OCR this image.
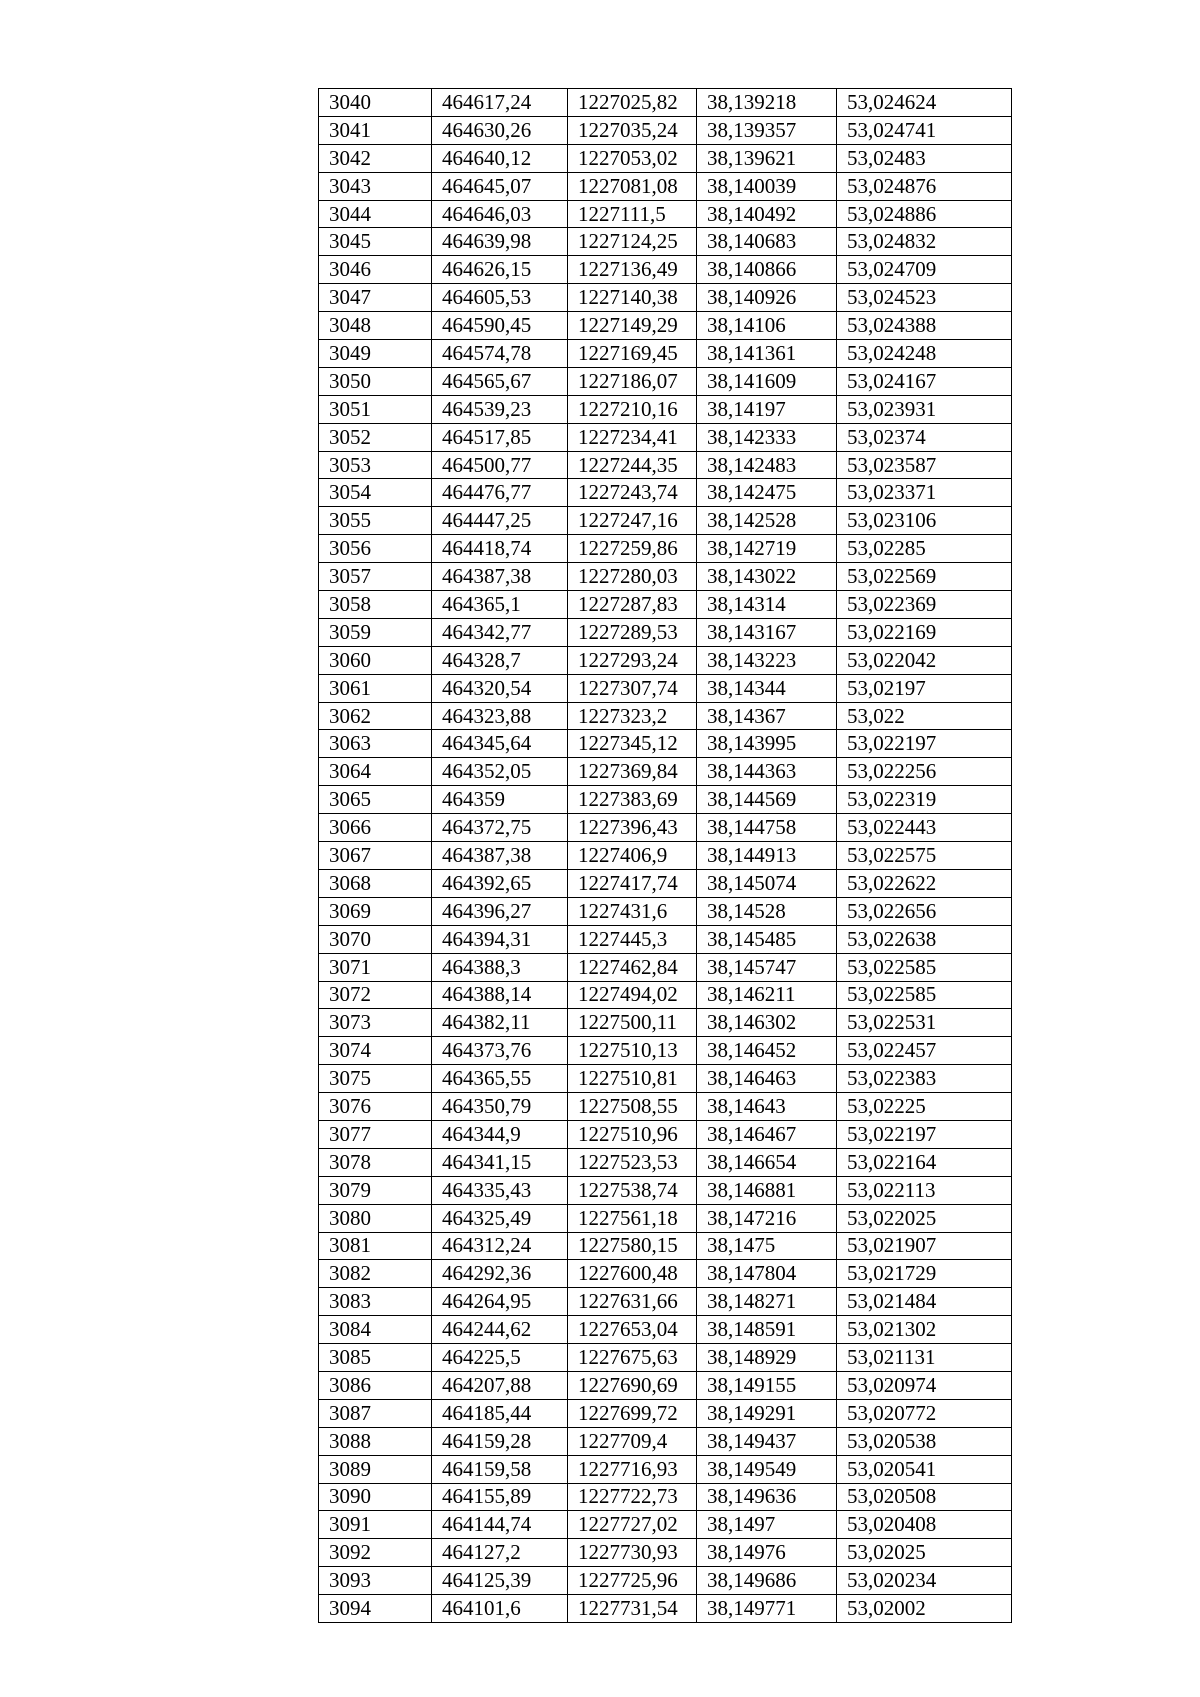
3040	464617,24	1227025,82	38,139218	53,024624
3041	464630,26	1227035,24	38,139357	53,024741
3042	464640,12	1227053,02	38,139621	53,02483
3043	464645,07	1227081,08	38,140039	53,024876
3044	464646,03	1227111,5	38,140492	53,024886
3045	464639,98	1227124,25	38,140683	53,024832
3046	464626,15	1227136,49	38,140866	53,024709
3047	464605,53	1227140,38	38,140926	53,024523
3048	464590,45	1227149,29	38,14106	53,024388
3049	464574,78	1227169,45	38,141361	53,024248
3050	464565,67	1227186,07	38,141609	53,024167
3051	464539,23	1227210,16	38,14197	53,023931
3052	464517,85	1227234,41	38,142333	53,02374
3053	464500,77	1227244,35	38,142483	53,023587
3054	464476,77	1227243,74	38,142475	53,023371
3055	464447,25	1227247,16	38,142528	53,023106
3056	464418,74	1227259,86	38,142719	53,02285
3057	464387,38	1227280,03	38,143022	53,022569
3058	464365,1	1227287,83	38,14314	53,022369
3059	464342,77	1227289,53	38,143167	53,022169
3060	464328,7	1227293,24	38,143223	53,022042
3061	464320,54	1227307,74	38,14344	53,02197
3062	464323,88	1227323,2	38,14367	53,022
3063	464345,64	1227345,12	38,143995	53,022197
3064	464352,05	1227369,84	38,144363	53,022256
3065	464359	1227383,69	38,144569	53,022319
3066	464372,75	1227396,43	38,144758	53,022443
3067	464387,38	1227406,9	38,144913	53,022575
3068	464392,65	1227417,74	38,145074	53,022622
3069	464396,27	1227431,6	38,14528	53,022656
3070	464394,31	1227445,3	38,145485	53,022638
3071	464388,3	1227462,84	38,145747	53,022585
3072	464388,14	1227494,02	38,146211	53,022585
3073	464382,11	1227500,11	38,146302	53,022531
3074	464373,76	1227510,13	38,146452	53,022457
3075	464365,55	1227510,81	38,146463	53,022383
3076	464350,79	1227508,55	38,14643	53,02225
3077	464344,9	1227510,96	38,146467	53,022197
3078	464341,15	1227523,53	38,146654	53,022164
3079	464335,43	1227538,74	38,146881	53,022113
3080	464325,49	1227561,18	38,147216	53,022025
3081	464312,24	1227580,15	38,1475	53,021907
3082	464292,36	1227600,48	38,147804	53,021729
3083	464264,95	1227631,66	38,148271	53,021484
3084	464244,62	1227653,04	38,148591	53,021302
3085	464225,5	1227675,63	38,148929	53,021131
3086	464207,88	1227690,69	38,149155	53,020974
3087	464185,44	1227699,72	38,149291	53,020772
3088	464159,28	1227709,4	38,149437	53,020538
3089	464159,58	1227716,93	38,149549	53,020541
3090	464155,89	1227722,73	38,149636	53,020508
3091	464144,74	1227727,02	38,1497	53,020408
3092	464127,2	1227730,93	38,14976	53,02025
3093	464125,39	1227725,96	38,149686	53,020234
3094	464101,6	1227731,54	38,149771	53,02002
